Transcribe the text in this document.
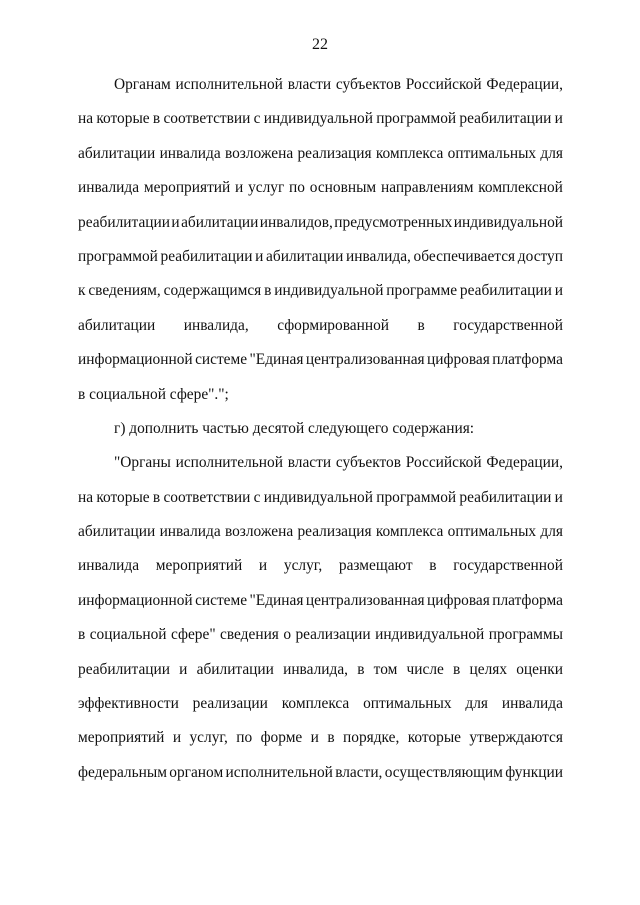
22
Органам исполнительной власти субъектов Российской Федерации,
на которые в соответствии с индивидуальной программой реабилитации и
абилитации инвалида возложена реализация комплекса оптимальных для
инвалида мероприятий и услуг по основным направлениям комплексной
реабилитации и абилитации инвалидов, предусмотренных индивидуальной
программой реабилитации и абилитации инвалида, обеспечивается доступ
к сведениям, содержащимся в индивидуальной программе реабилитации и
абилитации инвалида, сформированной в государственной
информационной системе "Единая централизованная цифровая платформа
в социальной сфере".";
г) дополнить частью десятой следующего содержания:
"Органы исполнительной власти субъектов Российской Федерации,
на которые в соответствии с индивидуальной программой реабилитации и
абилитации инвалида возложена реализация комплекса оптимальных для
инвалида мероприятий и услуг, размещают в государственной
информационной системе "Единая централизованная цифровая платформа
в социальной сфере" сведения о реализации индивидуальной программы
реабилитации и абилитации инвалида, в том числе в целях оценки
эффективности реализации комплекса оптимальных для инвалида
мероприятий и услуг, по форме и в порядке, которые утверждаются
федеральным органом исполнительной власти, осуществляющим функции
